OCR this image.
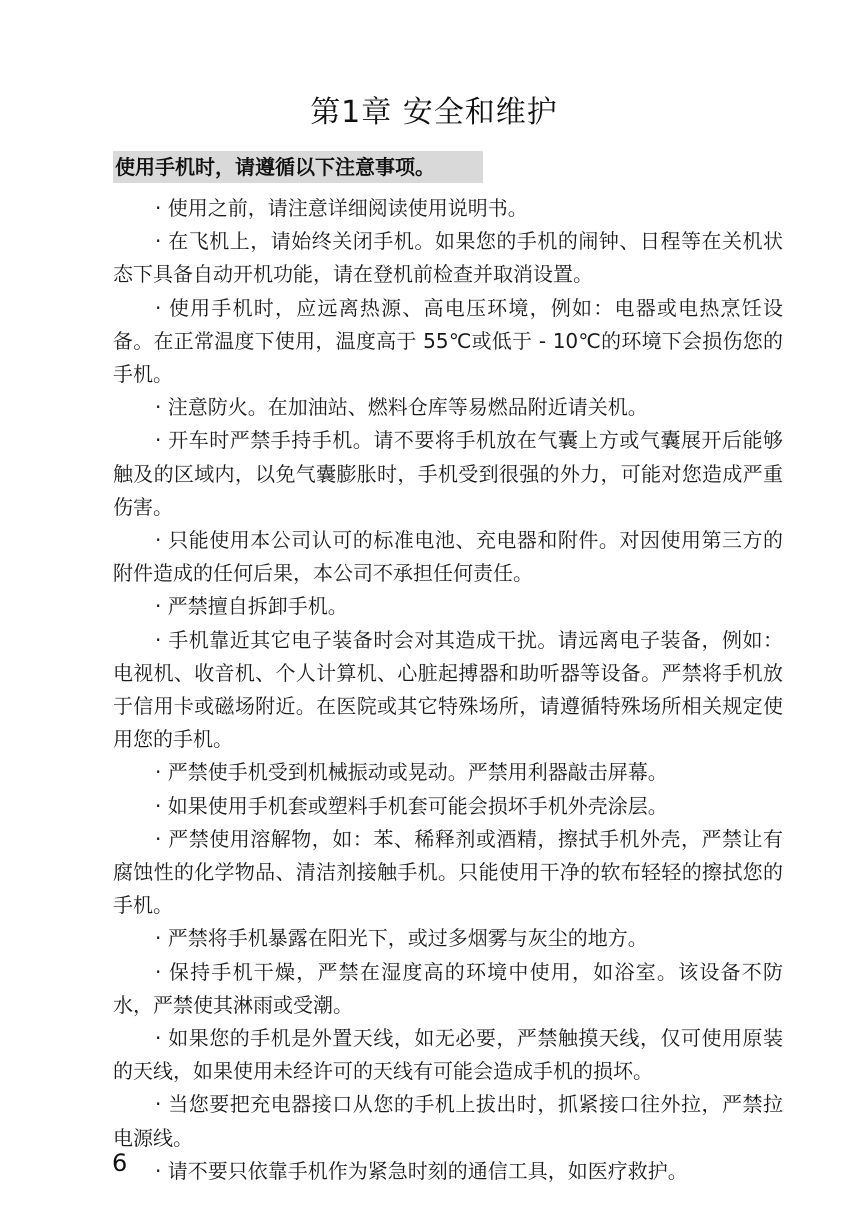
第1章 安全和维护
使用手机时，请遵循以下注意事项。

· 使用之前，请注意详细阅读使用说明书。

· 在飞机上，请始终关闭手机。如果您的手机的闹钟、日程等在关机状态下具备自动开机功能，请在登机前检查并取消设置。

· 使用手机时，应远离热源、高电压环境，例如：电器或电热烹饪设备。在正常温度下使用，温度高于 55℃或低于 - 10℃的环境下会损伤您的手机。

· 注意防火。在加油站、燃料仓库等易燃品附近请关机。

· 开车时严禁手持手机。请不要将手机放在气囊上方或气囊展开后能够触及的区域内，以免气囊膨胀时，手机受到很强的外力，可能对您造成严重伤害。

· 只能使用本公司认可的标准电池、充电器和附件。对因使用第三方的附件造成的任何后果，本公司不承担任何责任。

· 严禁擅自拆卸手机。

· 手机靠近其它电子装备时会对其造成干扰。请远离电子装备，例如：电视机、收音机、个人计算机、心脏起搏器和助听器等设备。严禁将手机放于信用卡或磁场附近。在医院或其它特殊场所，请遵循特殊场所相关规定使用您的手机。

· 严禁使手机受到机械振动或晃动。严禁用利器敲击屏幕。

· 如果使用手机套或塑料手机套可能会损坏手机外壳涂层。

· 严禁使用溶解物，如：苯、稀释剂或酒精，擦拭手机外壳，严禁让有腐蚀性的化学物品、清洁剂接触手机。只能使用干净的软布轻轻的擦拭您的手机。

· 严禁将手机暴露在阳光下，或过多烟雾与灰尘的地方。

· 保持手机干燥，严禁在湿度高的环境中使用，如浴室。该设备不防水，严禁使其淋雨或受潮。

· 如果您的手机是外置天线，如无必要，严禁触摸天线，仅可使用原装的天线，如果使用未经许可的天线有可能会造成手机的损坏。

· 当您要把充电器接口从您的手机上拔出时，抓紧接口往外拉，严禁拉电源线。

· 请不要只依靠手机作为紧急时刻的通信工具，如医疗救护。

6
